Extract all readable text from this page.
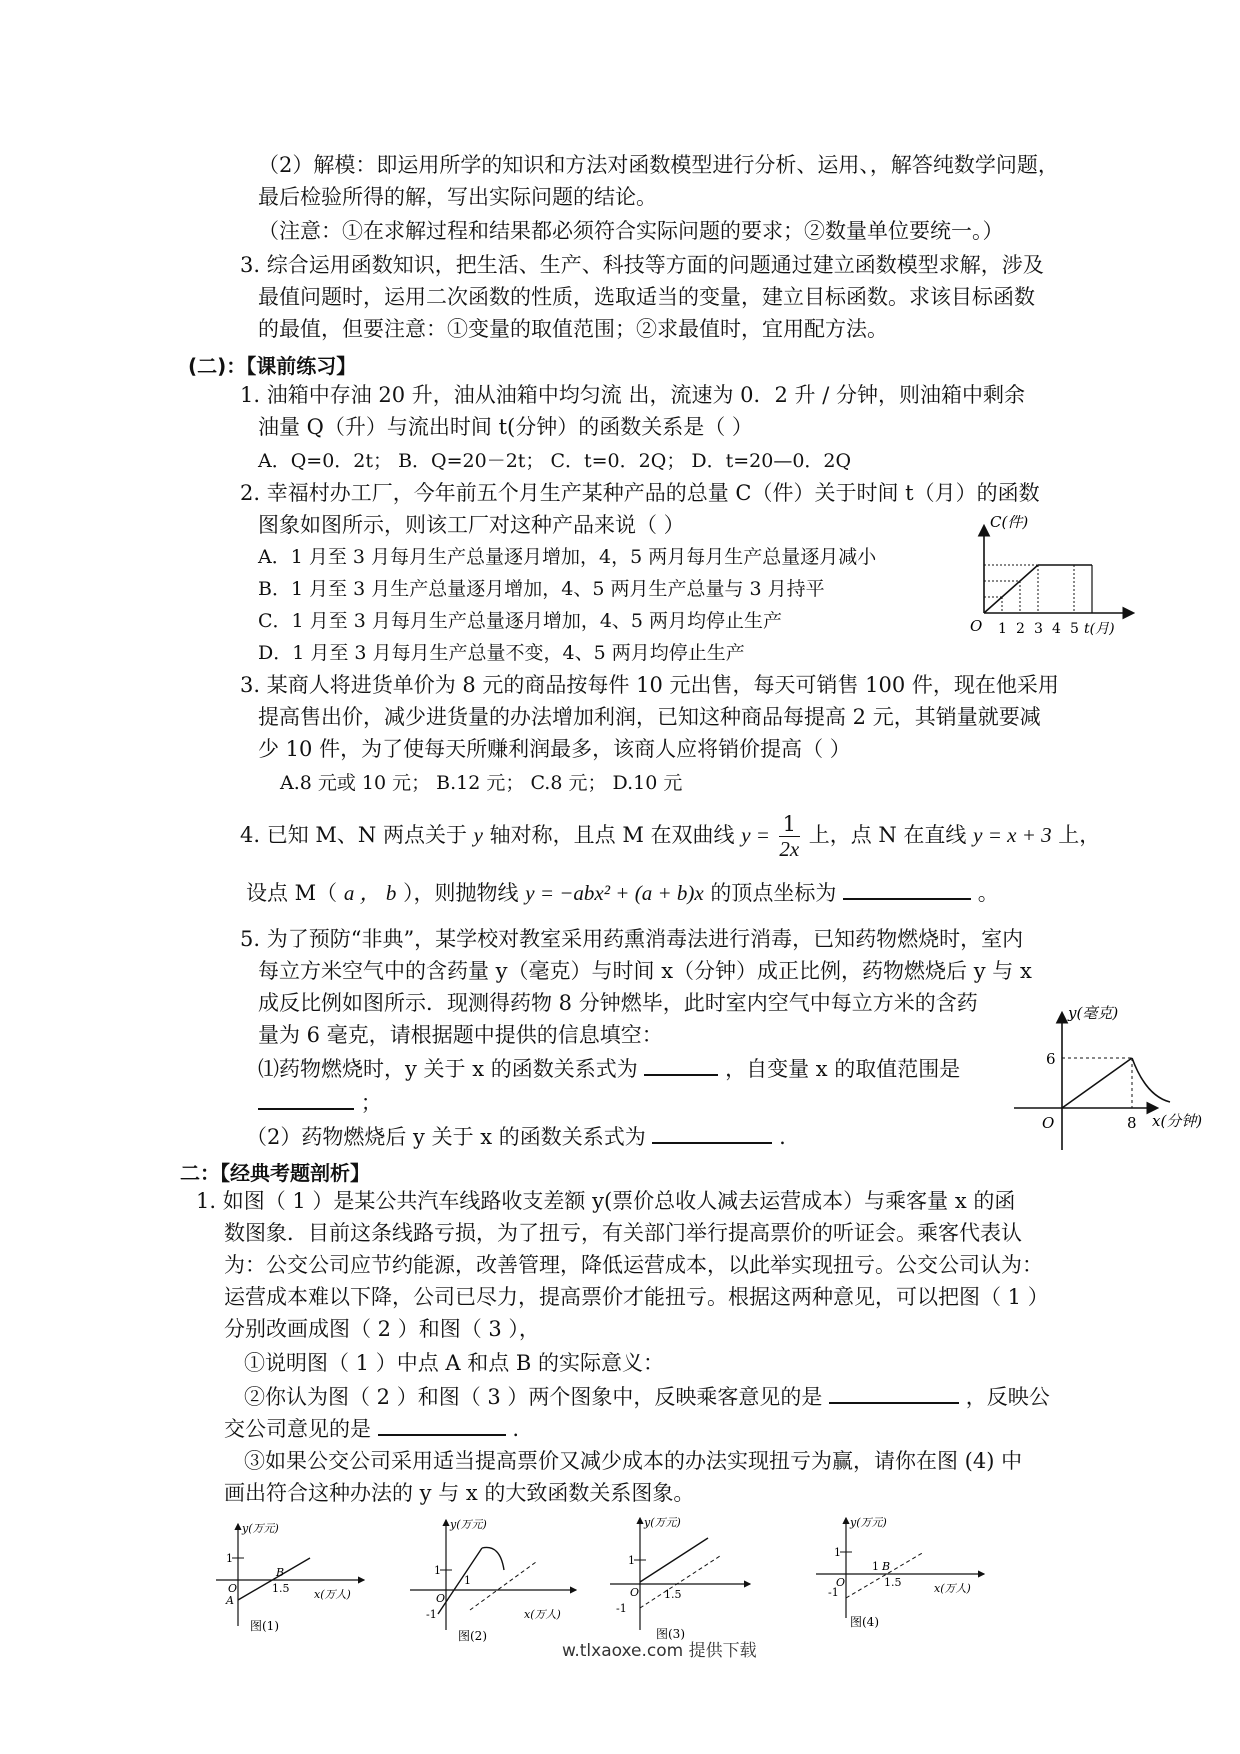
（2）解模：即运用所学的知识和方法对函数模型进行分析、运用、，解答纯数学问题，
最后检验所得的解，写出实际问题的结论。
（注意：①在求解过程和结果都必须符合实际问题的要求；②数量单位要统一。）
3. 综合运用函数知识，把生活、生产、科技等方面的问题通过建立函数模型求解，涉及
最值问题时，运用二次函数的性质，选取适当的变量，建立目标函数。求该目标函数
的最值，但要注意：①变量的取值范围；②求最值时，宜用配方法。
(二)：【课前练习】
1. 油箱中存油 20 升，油从油箱中均匀流 出，流速为 0．2 升 / 分钟，则油箱中剩余
油量 Q（升）与流出时间 t(分钟）的函数关系是（ ）
A．Q=0．2t； B．Q=20－2t； C．t=0．2Q； D．t=20—0．2Q
2. 幸福村办工厂，今年前五个月生产某种产品的总量 C（件）关于时间 t（月）的函数
图象如图所示，则该工厂对这种产品来说（ ）
A．1 月至 3 月每月生产总量逐月增加，4，5 两月每月生产总量逐月减小
B．1 月至 3 月生产总量逐月增加，4、5 两月生产总量与 3 月持平
C．1 月至 3 月每月生产总量逐月增加，4、5 两月均停止生产
D．1 月至 3 月每月生产总量不变，4、5 两月均停止生产
C(件)
O 1 2 3 4 5 t(月)
3. 某商人将进货单价为 8 元的商品按每件 10 元出售，每天可销售 100 件，现在他采用
提高售出价，减少进货量的办法增加利润，已知这种商品每提高 2 元，其销量就要减
少 10 件，为了使每天所赚利润最多，该商人应将销价提高（ ）
A.8 元或 10 元； B.12 元； C.8 元； D.10 元
4. 已知 M、N 两点关于 y 轴对称，且点 M 在双曲线 $y = \frac{1}{2x}$ 上，点 N 在直线 y = x + 3 上，
设点 M（ a ， b ），则抛物线 y = −abx² + (a + b)x 的顶点坐标为	。
5. 为了预防“非典”，某学校对教室采用药熏消毒法进行消毒，已知药物燃烧时，室内
每立方米空气中的含药量 y（毫克）与时间 x（分钟）成正比例，药物燃烧后 y 与 x
成反比例如图所示．现测得药物 8 分钟燃毕，此时室内空气中每立方米的含药
量为 6 毫克，请根据题中提供的信息填空：
⑴药物燃烧时，y 关于 x 的函数关系式为	，自变量 x 的取值范围是
；
（2）药物燃烧后 y 关于 x 的函数关系式为	.
y(毫克)
6
O	8 x(分钟)
二：【经典考题剖析】
1. 如图（ 1 ）是某公共汽车线路收支差额 y(票价总收人减去运营成本）与乘客量 x 的函
数图象．目前这条线路亏损，为了扭亏，有关部门举行提高票价的听证会。乘客代表认
为：公交公司应节约能源，改善管理，降低运营成本，以此举实现扭亏。公交公司认为：
运营成本难以下降，公司已尽力，提高票价才能扭亏。根据这两种意见，可以把图（ 1 ）
分别改画成图（ 2 ）和图（ 3 ），
①说明图（ 1 ）中点 A 和点 B 的实际意义：
②你认为图（ 2 ）和图（ 3 ）两个图象中，反映乘客意见的是	，反映公
交公司意见的是	.
③如果公交公司采用适当提高票价又减少成本的办法实现扭亏为赢，请你在图 (4) 中
画出符合这种办法的 y 与 x 的大致函数关系图象。
y(万元)
1
O
A
B
1.5 x(万人)
图(1)
y(万元)
1
O
-1
1
x(万人)
图(2)
y(万元)
1
O 1.5
-1
图(3)
y(万元)
1
O
1 B
1.5
-1	x(万人)
图(4)
w.tlxaoxe.com 提供下载
